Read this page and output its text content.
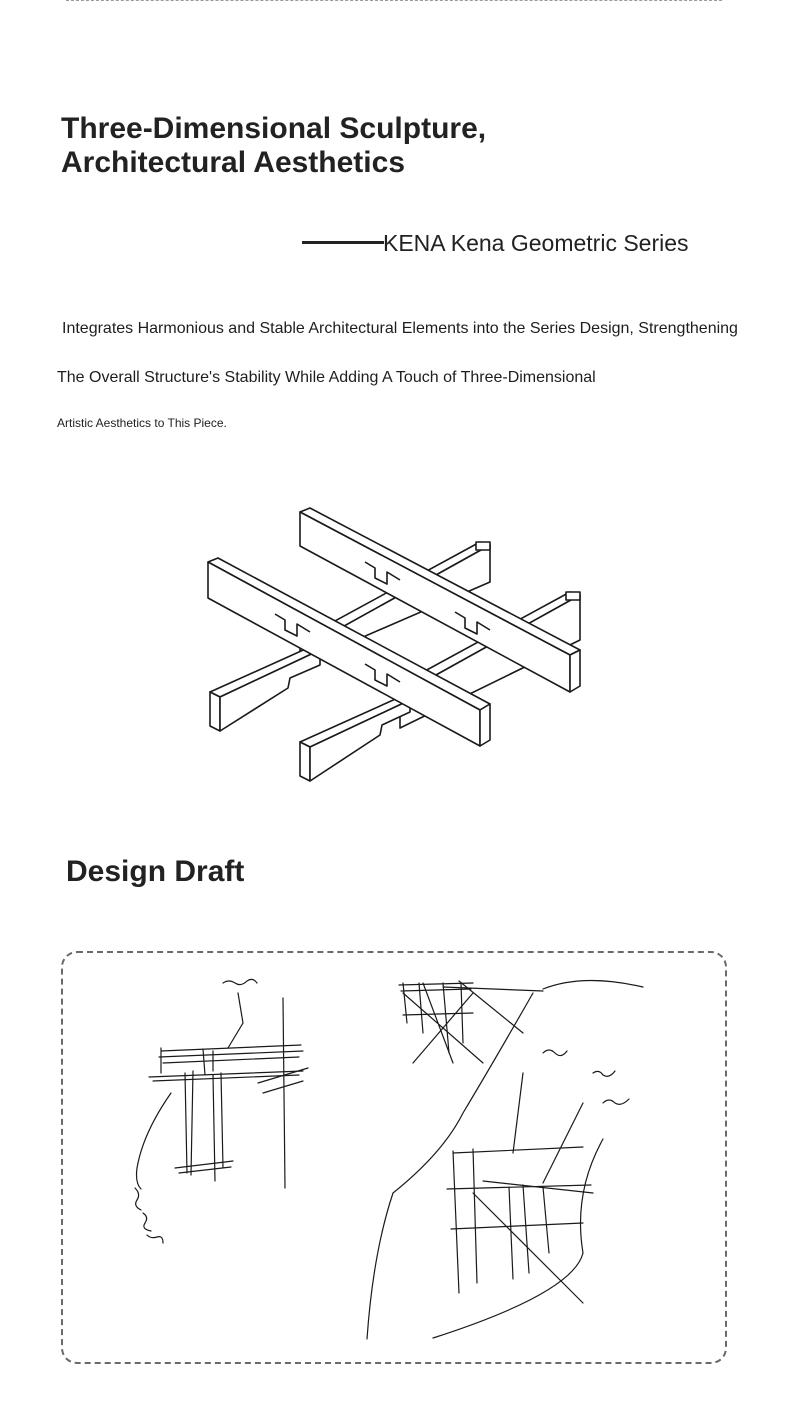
Three-Dimensional Sculpture,
Architectural Aesthetics
KENA Kena Geometric Series
Integrates Harmonious and Stable Architectural Elements into the Series Design, Strengthening
The Overall Structure's Stability While Adding A Touch of Three-Dimensional
Artistic Aesthetics to This Piece.
Design Draft
